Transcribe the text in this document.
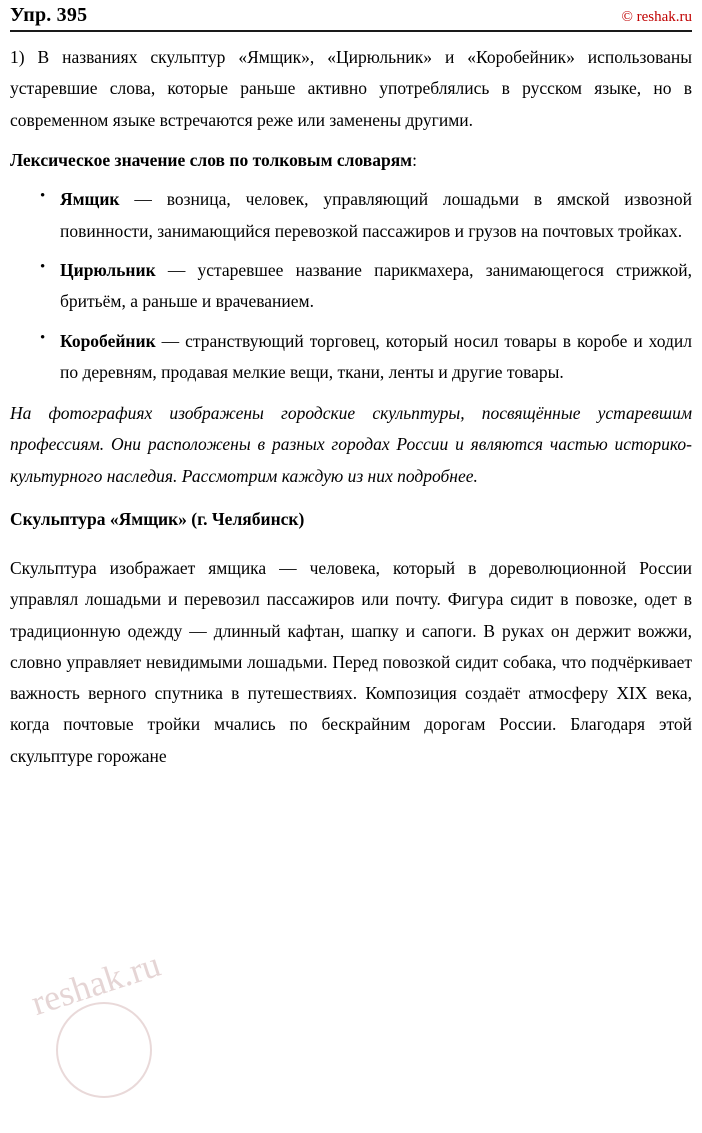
Упр. 395	© reshak.ru

1) В названиях скульптур «Ямщик», «Цирюльник» и «Коробейник» использованы устаревшие слова, которые раньше активно употреблялись в русском языке, но в современном языке встречаются реже или заменены другими.

Лексическое значение слов по толковым словарям:
• Ямщик — возница, человек, управляющий лошадьми в ямской извозной повинности, занимающийся перевозкой пассажиров и грузов на почтовых тройках.
• Цирюльник — устаревшее название парикмахера, занимающегося стрижкой, бритьём, а раньше и врачеванием.
• Коробейник — странствующий торговец, который носил товары в коробе и ходил по деревням, продавая мелкие вещи, ткани, ленты и другие товары.

На фотографиях изображены городские скульптуры, посвящённые устаревшим профессиям. Они расположены в разных городах России и являются частью историко-культурного наследия. Рассмотрим каждую из них подробнее.

Скульптура «Ямщик» (г. Челябинск)

Скульптура изображает ямщика — человека, который в дореволюционной России управлял лошадьми и перевозил пассажиров или почту. Фигура сидит в повозке, одет в традиционную одежду — длинный кафтан, шапку и сапоги. В руках он держит вожжи, словно управляет невидимыми лошадьми. Перед повозкой сидит собака, что подчёркивает важность верного спутника в путешествиях. Композиция создаёт атмосферу XIX века, когда почтовые тройки мчались по бескрайним дорогам России. Благодаря этой скульптуре горожане

reshak.ru
